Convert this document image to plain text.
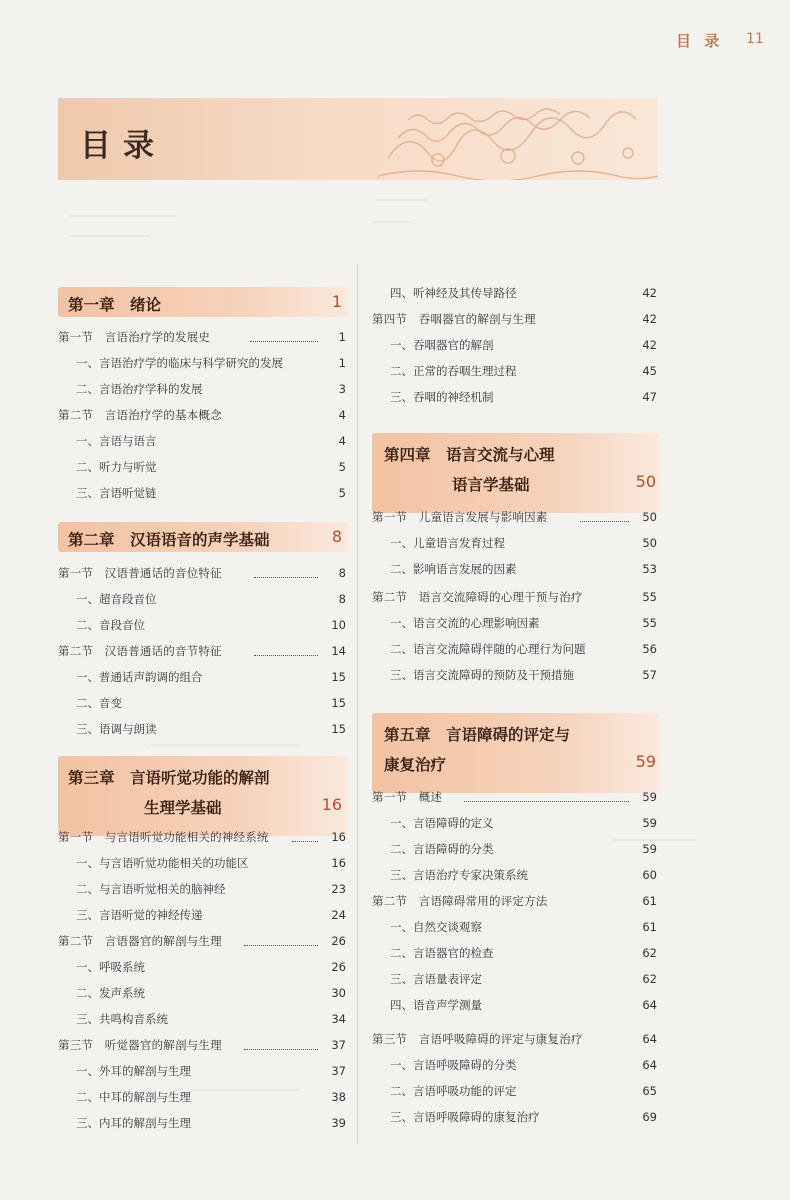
目 录 11
目录
第一章　绪论	1
第一节　言语治疗学的发展史	1
一、言语治疗学的临床与科学研究的发展	1
二、言语治疗学科的发展	3
第二节　言语治疗学的基本概念	4
一、言语与语言	4
二、听力与听觉	5
三、言语听觉链	5
第二章　汉语语音的声学基础	8
第一节　汉语普通话的音位特征	8
一、超音段音位	8
二、音段音位	10
第二节　汉语普通话的音节特征	14
一、普通话声韵调的组合	15
二、音变	15
三、语调与朗读	15
第三章　言语听觉功能的解剖
生理学基础	16
第一节　与言语听觉功能相关的神经系统	16
一、与言语听觉功能相关的功能区	16
二、与言语听觉相关的脑神经	23
三、言语听觉的神经传递	24
第二节　言语器官的解剖与生理	26
一、呼吸系统	26
二、发声系统	30
三、共鸣构音系统	34
第三节　听觉器官的解剖与生理	37
一、外耳的解剖与生理	37
二、中耳的解剖与生理	38
三、内耳的解剖与生理	39
四、听神经及其传导路径	42
第四节　吞咽器官的解剖与生理	42
一、吞咽器官的解剖	42
二、正常的吞咽生理过程	45
三、吞咽的神经机制	47
第四章　语言交流与心理
语言学基础	50
第一节　儿童语言发展与影响因素	50
一、儿童语言发育过程	50
二、影响语言发展的因素	53
第二节　语言交流障碍的心理干预与治疗	55
一、语言交流的心理影响因素	55
二、语言交流障碍伴随的心理行为问题	56
三、语言交流障碍的预防及干预措施	57
第五章　言语障碍的评定与
康复治疗	59
第一节　概述	59
一、言语障碍的定义	59
二、言语障碍的分类	59
三、言语治疗专家决策系统	60
第二节　言语障碍常用的评定方法	61
一、自然交谈观察	61
二、言语器官的检查	62
三、言语量表评定	62
四、语音声学测量	64
第三节　言语呼吸障碍的评定与康复治疗	64
一、言语呼吸障碍的分类	64
二、言语呼吸功能的评定	65
三、言语呼吸障碍的康复治疗	69
